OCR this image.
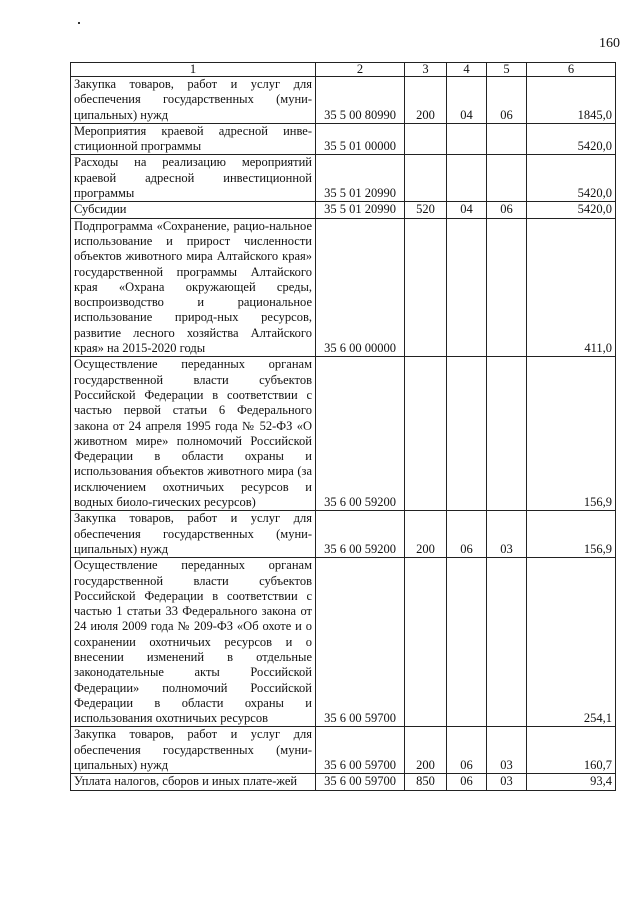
160
1	2	3	4	5	6
Закупка товаров, работ и услуг для обеспечения государственных (муни-ципальных) нужд	35 5 00 80990	200	04	06	1845,0
Мероприятия краевой адресной инве-стиционной программы	35 5 01 00000				5420,0
Расходы на реализацию мероприятий краевой адресной инвестиционной программы	35 5 01 20990				5420,0
Субсидии	35 5 01 20990	520	04	06	5420,0
Подпрограмма «Сохранение, рацио-нальное использование и прирост численности объектов животного мира Алтайского края» государственной программы Алтайского края «Охрана окружающей среды, воспроизводство и рациональное использование природ-ных ресурсов, развитие лесного хозяйства Алтайского края» на 2015-2020 годы	35 6 00 00000				411,0
Осуществление переданных органам государственной власти субъектов Российской Федерации в соответствии с частью первой статьи 6 Федерального закона от 24 апреля 1995 года № 52-ФЗ «О животном мире» полномочий Российской Федерации в области охраны и использования объектов животного мира (за исключением охотничьих ресурсов и водных биоло-гических ресурсов)	35 6 00 59200				156,9
Закупка товаров, работ и услуг для обеспечения государственных (муни-ципальных) нужд	35 6 00 59200	200	06	03	156,9
Осуществление переданных органам государственной власти субъектов Российской Федерации в соответствии с частью 1 статьи 33 Федерального закона от 24 июля 2009 года № 209-ФЗ «Об охоте и о сохранении охотничьих ресурсов и о внесении изменений в отдельные законодательные акты Российской Федерации» полномочий Российской Федерации в области охраны и использования охотничьих ресурсов	35 6 00 59700				254,1
Закупка товаров, работ и услуг для обеспечения государственных (муни-ципальных) нужд	35 6 00 59700	200	06	03	160,7
Уплата налогов, сборов и иных плате-жей	35 6 00 59700	850	06	03	93,4
